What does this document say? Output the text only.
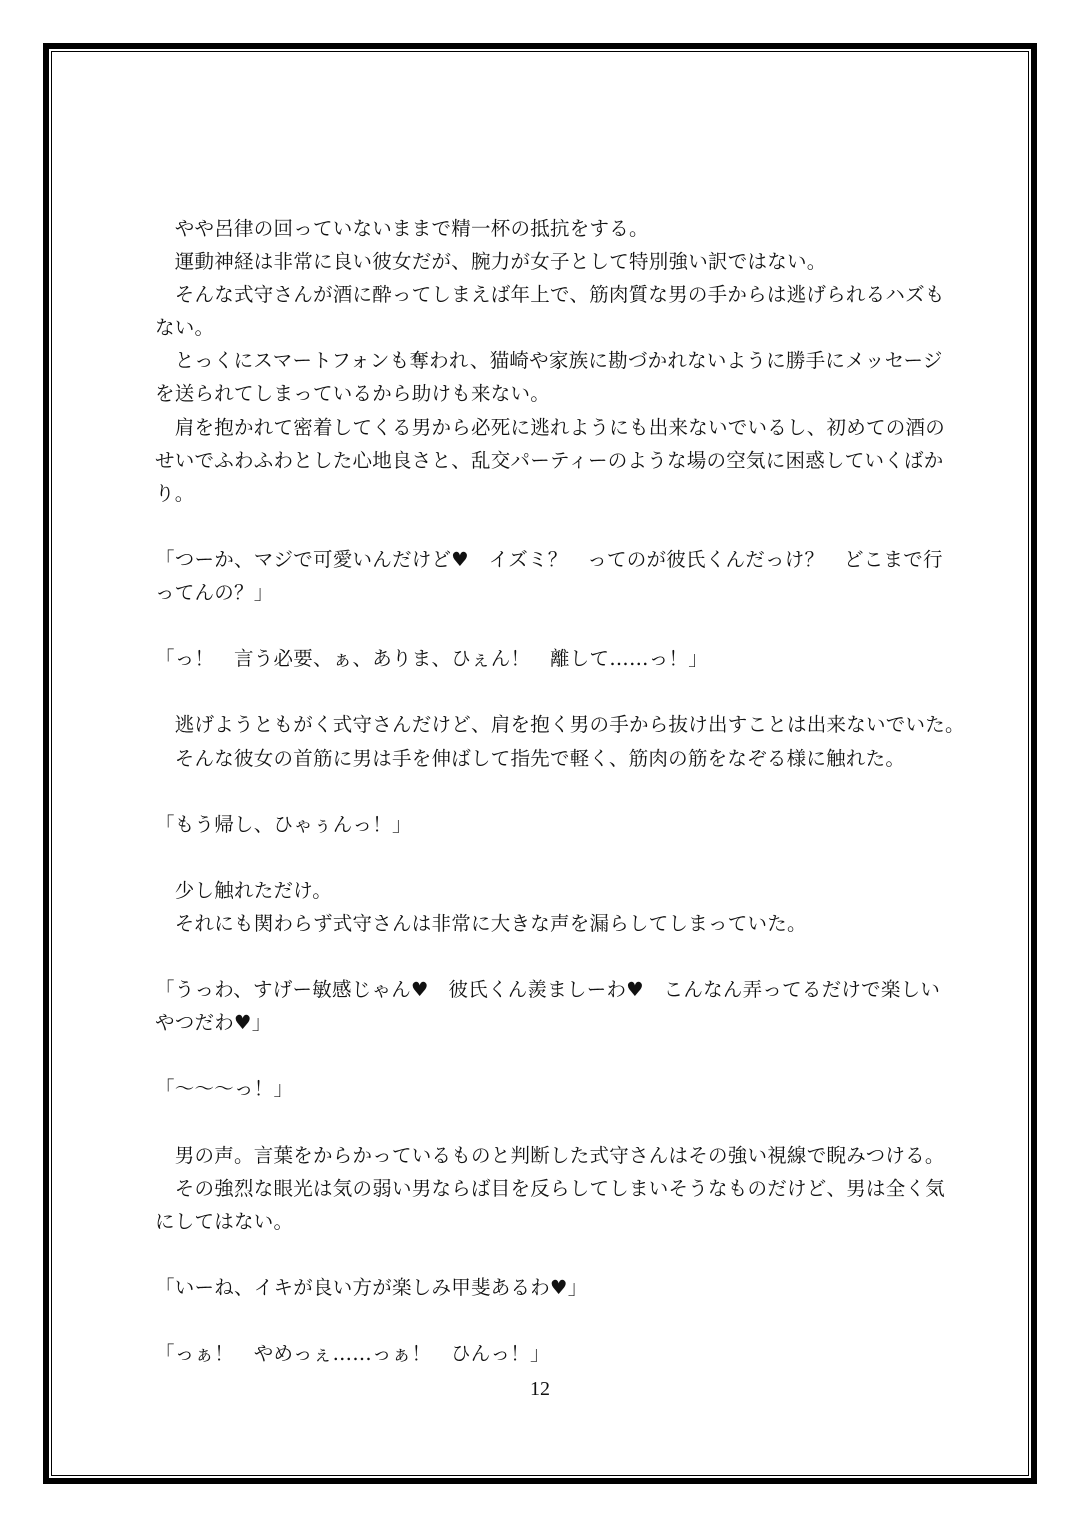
　やや呂律の回っていないままで精一杯の抵抗をする。
　運動神経は非常に良い彼女だが、腕力が女子として特別強い訳ではない。
　そんな式守さんが酒に酔ってしまえば年上で、筋肉質な男の手からは逃げられるハズも
ない。
　とっくにスマートフォンも奪われ、猫崎や家族に勘づかれないように勝手にメッセージ
を送られてしまっているから助けも来ない。
　肩を抱かれて密着してくる男から必死に逃れようにも出来ないでいるし、初めての酒の
せいでふわふわとした心地良さと、乱交パーティーのような場の空気に困惑していくばか
り。
「つーか、マジで可愛いんだけど♥　イズミ？　ってのが彼氏くんだっけ？　どこまで行
ってんの？」
「っ！　言う必要、ぁ、ありま、ひぇん！　離して……っ！」
　逃げようともがく式守さんだけど、肩を抱く男の手から抜け出すことは出来ないでいた。
　そんな彼女の首筋に男は手を伸ばして指先で軽く、筋肉の筋をなぞる様に触れた。
「もう帰し、ひゃぅんっ！」
　少し触れただけ。
　それにも関わらず式守さんは非常に大きな声を漏らしてしまっていた。
「うっわ、すげー敏感じゃん♥　彼氏くん羨ましーわ♥　こんなん弄ってるだけで楽しい
やつだわ♥」
「〜〜〜っ！」
　男の声。言葉をからかっているものと判断した式守さんはその強い視線で睨みつける。
　その強烈な眼光は気の弱い男ならば目を反らしてしまいそうなものだけど、男は全く気
にしてはない。
「いーね、イキが良い方が楽しみ甲斐あるわ♥」
「っぁ！　やめっぇ……っぁ！　ひんっ！」
12
